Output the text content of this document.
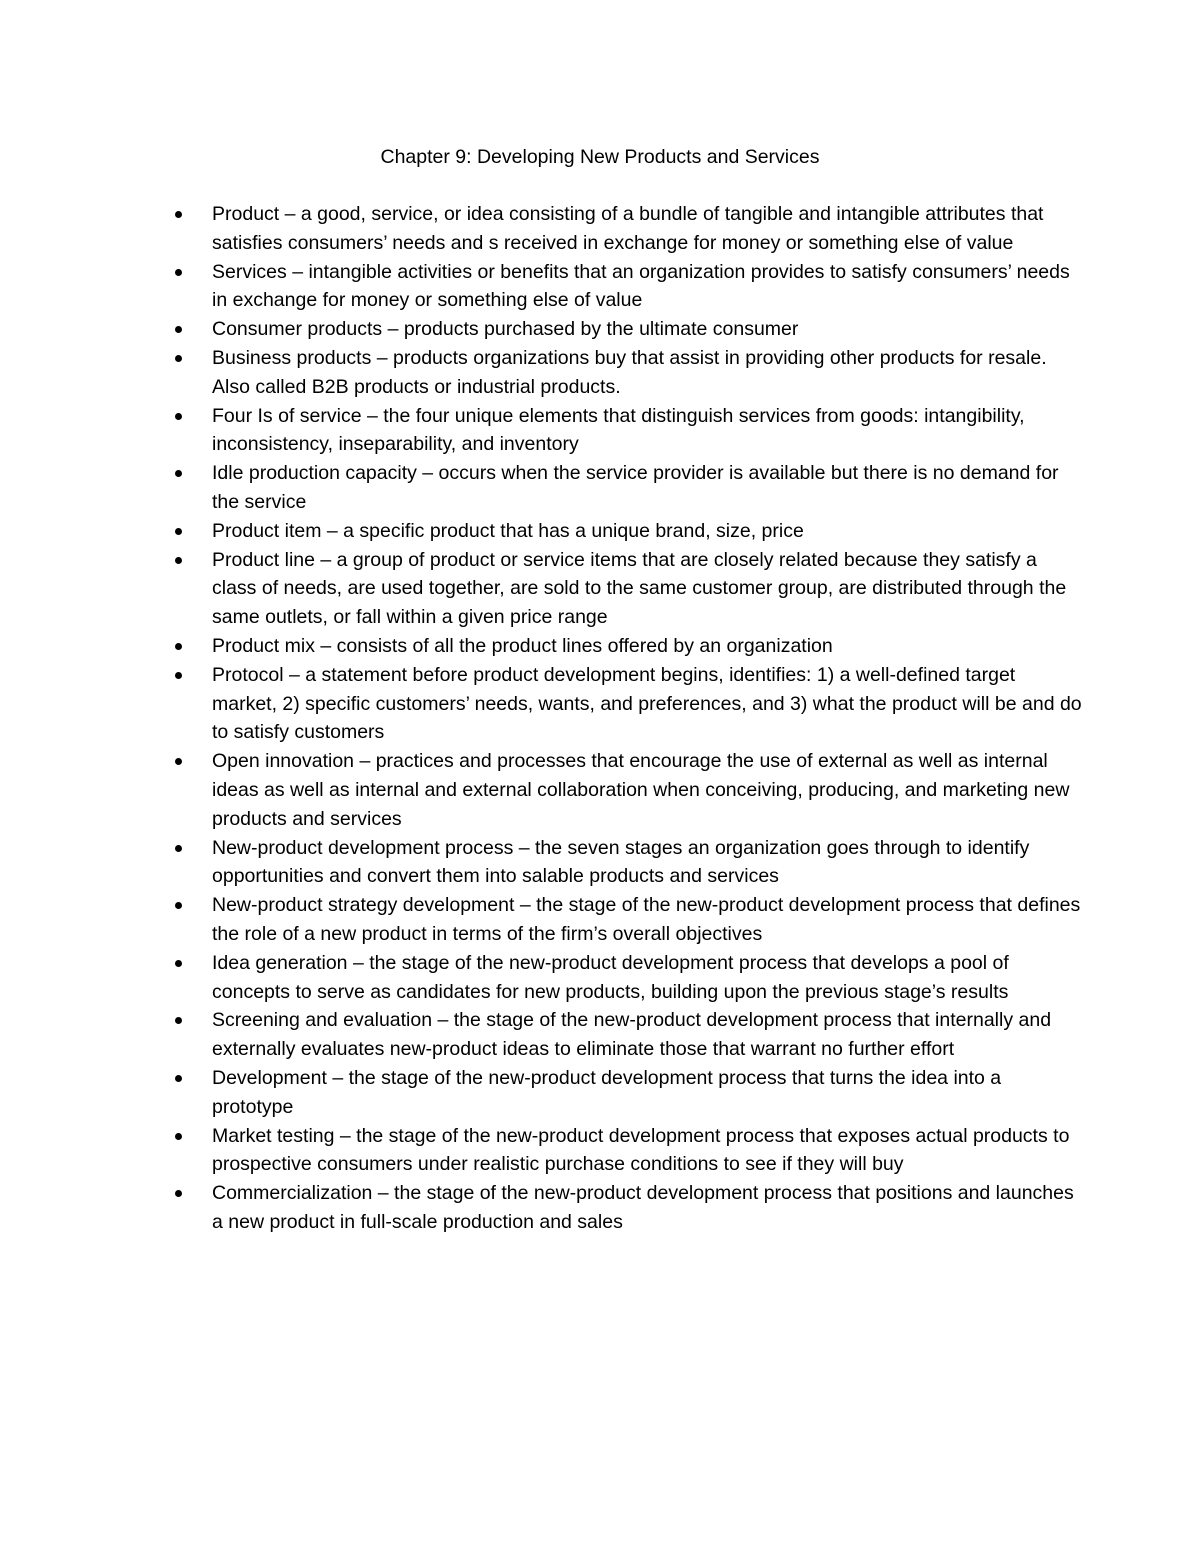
Chapter 9: Developing New Products and Services
Product – a good, service, or idea consisting of a bundle of tangible and intangible attributes that satisfies consumers’ needs and s received in exchange for money or something else of value
Services – intangible activities or benefits that an organization provides to satisfy consumers’ needs in exchange for money or something else of value
Consumer products – products purchased by the ultimate consumer
Business products – products organizations buy that assist in providing other products for resale. Also called B2B products or industrial products.
Four Is of service – the four unique elements that distinguish services from goods: intangibility, inconsistency, inseparability, and inventory
Idle production capacity – occurs when the service provider is available but there is no demand for the service
Product item – a specific product that has a unique brand, size, price
Product line – a group of product or service items that are closely related because they satisfy a class of needs, are used together, are sold to the same customer group, are distributed through the same outlets, or fall within a given price range
Product mix – consists of all the product lines offered by an organization
Protocol – a statement before product development begins, identifies: 1) a well-defined target market, 2) specific customers’ needs, wants, and preferences, and 3) what the product will be and do to satisfy customers
Open innovation – practices and processes that encourage the use of external as well as internal ideas as well as internal and external collaboration when conceiving, producing, and marketing new products and services
New-product development process – the seven stages an organization goes through to identify opportunities and convert them into salable products and services
New-product strategy development – the stage of the new-product development process that defines the role of a new product in terms of the firm’s overall objectives
Idea generation – the stage of the new-product development process that develops a pool of concepts to serve as candidates for new products, building upon the previous stage’s results
Screening and evaluation – the stage of the new-product development process that internally and externally evaluates new-product ideas to eliminate those that warrant no further effort
Development – the stage of the new-product development process that turns the idea into a prototype
Market testing – the stage of the new-product development process that exposes actual products to prospective consumers under realistic purchase conditions to see if they will buy
Commercialization – the stage of the new-product development process that positions and launches a new product in full-scale production and sales
